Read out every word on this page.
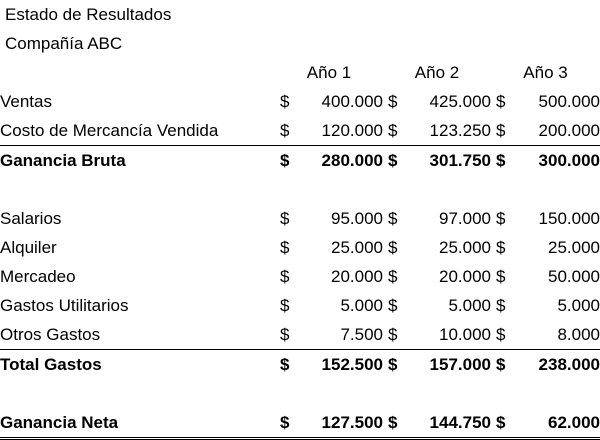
Estado de Resultados
Compañía ABC
	Año 1	Año 2	Año 3
Ventas	$ 400.000	$ 425.000	$ 500.000

Costo de Mercancía Vendida	$ 120.000	$ 123.250	$ 200.000

Ganancia Bruta	$ 280.000	$ 301.750	$ 300.000

Salarios	$ 95.000	$ 97.000	$ 150.000

Alquiler	$ 25.000	$ 25.000	$ 25.000

Mercadeo	$ 20.000	$ 20.000	$ 50.000

Gastos Utilitarios	$ 5.000	$ 5.000	$ 5.000

Otros Gastos	$ 7.500	$ 10.000	$ 8.000

Total Gastos	$ 152.500	$ 157.000	$ 238.000

Ganancia Neta	$ 127.500	$ 144.750	$ 62.000
